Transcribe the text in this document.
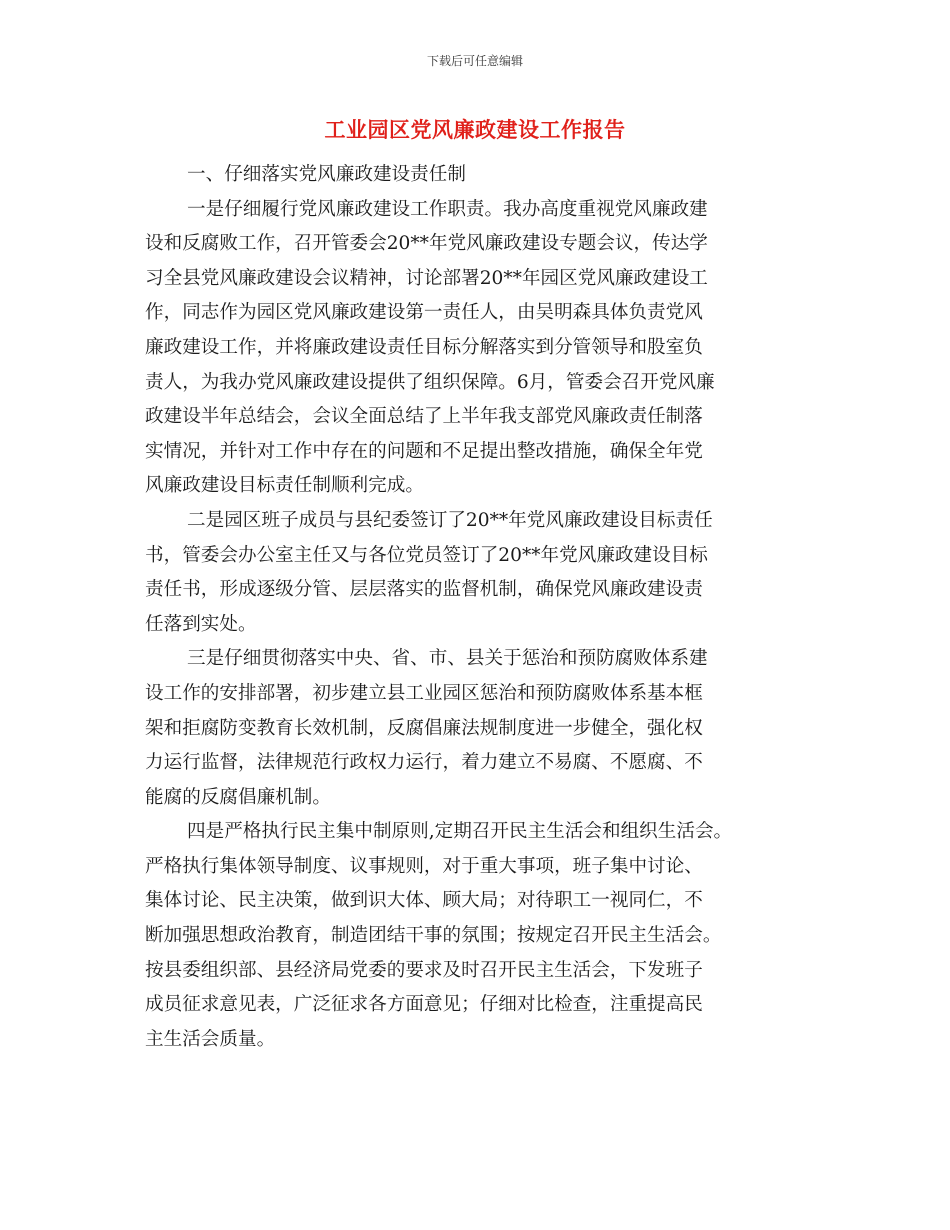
下载后可任意编辑
工业园区党风廉政建设工作报告
一、仔细落实党风廉政建设责任制
一是仔细履行党风廉政建设工作职责。我办高度重视党风廉政建
设和反腐败工作，召开管委会20**年党风廉政建设专题会议，传达学
习全县党风廉政建设会议精神，讨论部署20**年园区党风廉政建设工
作，同志作为园区党风廉政建设第一责任人，由吴明森具体负责党风
廉政建设工作，并将廉政建设责任目标分解落实到分管领导和股室负
责人，为我办党风廉政建设提供了组织保障。6月，管委会召开党风廉
政建设半年总结会，会议全面总结了上半年我支部党风廉政责任制落
实情况，并针对工作中存在的问题和不足提出整改措施，确保全年党
风廉政建设目标责任制顺利完成。
二是园区班子成员与县纪委签订了20**年党风廉政建设目标责任
书，管委会办公室主任又与各位党员签订了20**年党风廉政建设目标
责任书，形成逐级分管、层层落实的监督机制，确保党风廉政建设责
任落到实处。
三是仔细贯彻落实中央、省、市、县关于惩治和预防腐败体系建
设工作的安排部署，初步建立县工业园区惩治和预防腐败体系基本框
架和拒腐防变教育长效机制，反腐倡廉法规制度进一步健全，强化权
力运行监督，法律规范行政权力运行，着力建立不易腐、不愿腐、不
能腐的反腐倡廉机制。
四是严格执行民主集中制原则,定期召开民主生活会和组织生活会。
严格执行集体领导制度、议事规则，对于重大事项，班子集中讨论、
集体讨论、民主决策，做到识大体、顾大局；对待职工一视同仁，不
断加强思想政治教育，制造团结干事的氛围；按规定召开民主生活会。
按县委组织部、县经济局党委的要求及时召开民主生活会，下发班子
成员征求意见表，广泛征求各方面意见；仔细对比检查，注重提高民
主生活会质量。
